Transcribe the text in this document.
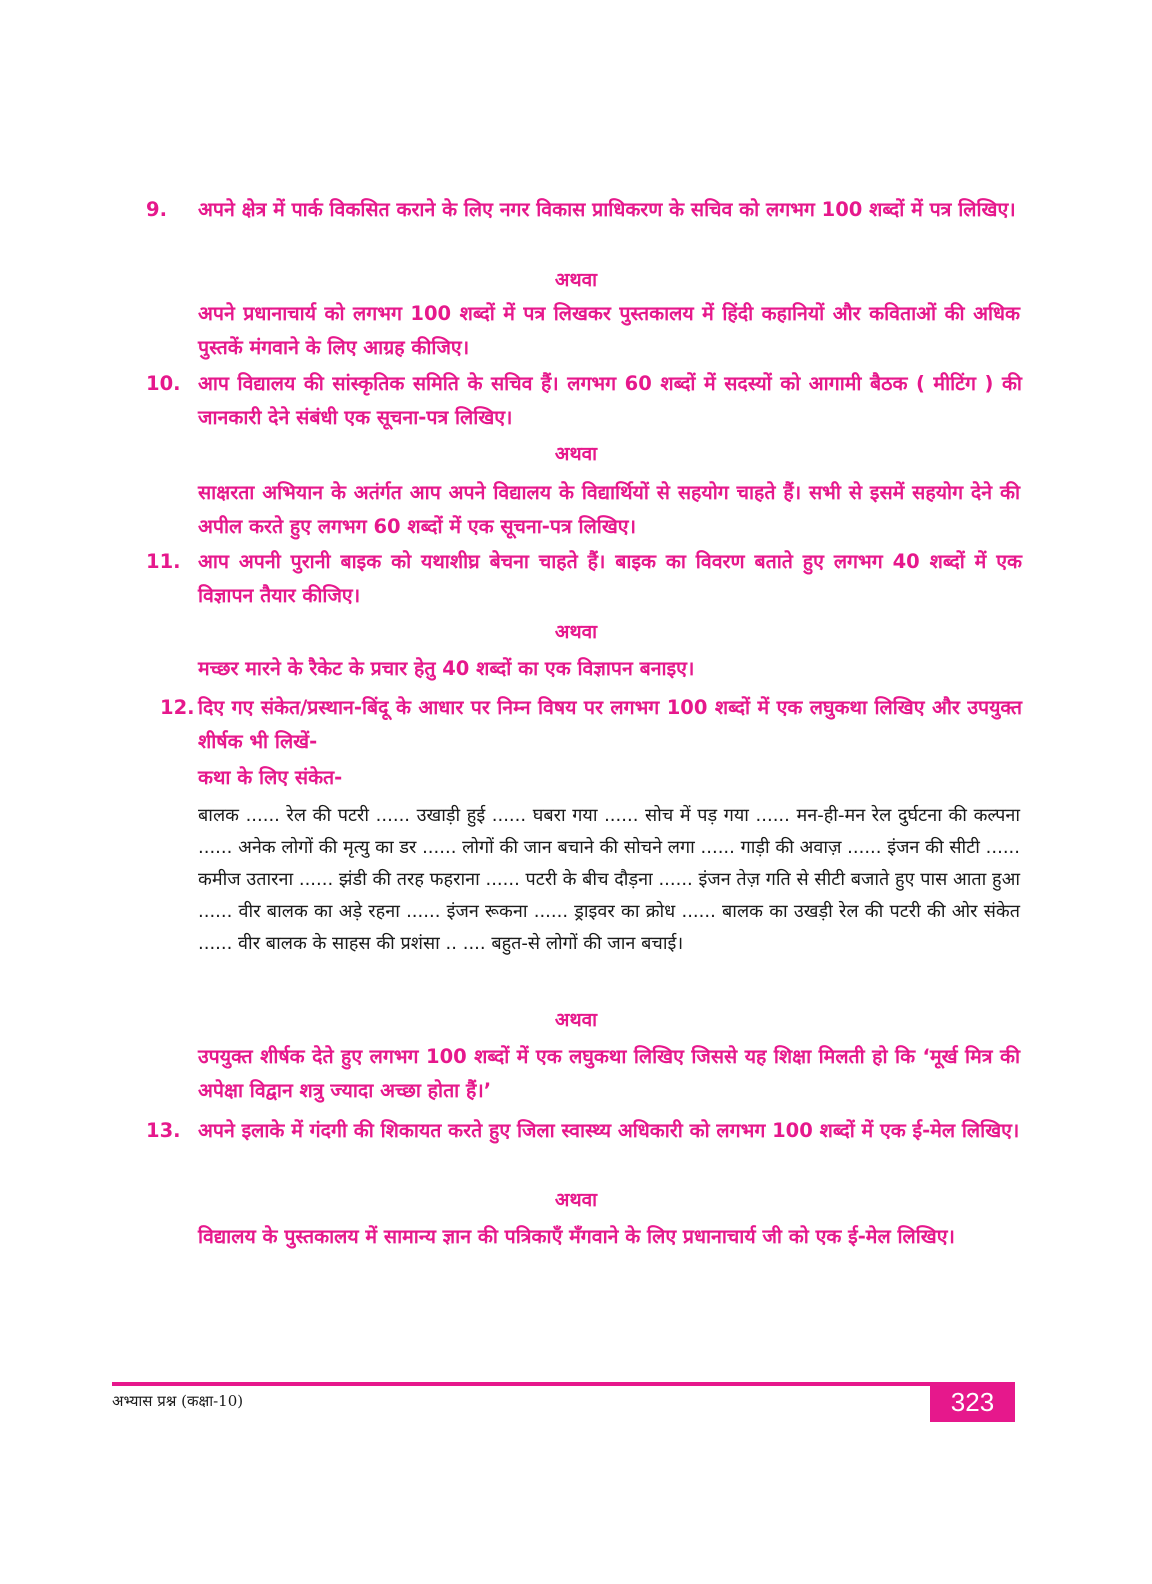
9. अपने क्षेत्र में पार्क विकसित कराने के लिए नगर विकास प्राधिकरण के सचिव को लगभग 100 शब्दों में पत्र लिखिए।
अथवा
अपने प्रधानाचार्य को लगभग 100 शब्दों में पत्र लिखकर पुस्तकालय में हिंदी कहानियों और कविताओं की अधिक पुस्तकें मंगवाने के लिए आग्रह कीजिए।
10. आप विद्यालय की सांस्कृतिक समिति के सचिव हैं। लगभग 60 शब्दों में सदस्यों को आगामी बैठक ( मीटिंग ) की जानकारी देने संबंधी एक सूचना-पत्र लिखिए।
अथवा
साक्षरता अभियान के अतंर्गत आप अपने विद्यालय के विद्यार्थियों से सहयोग चाहते हैं। सभी से इसमें सहयोग देने की अपील करते हुए लगभग 60 शब्दों में एक सूचना-पत्र लिखिए।
11. आप अपनी पुरानी बाइक को यथाशीघ्र बेचना चाहते हैं। बाइक का विवरण बताते हुए लगभग 40 शब्दों में एक विज्ञापन तैयार कीजिए।
अथवा
मच्छर मारने के रैकेट के प्रचार हेतु 40 शब्दों का एक विज्ञापन बनाइए।
12. दिए गए संकेत/प्रस्थान-बिंदू के आधार पर निम्न विषय पर लगभग 100 शब्दों में एक लघुकथा लिखिए और उपयुक्त शीर्षक भी लिखें-
कथा के लिए संकेत-
बालक ...... रेल की पटरी ...... उखाड़ी हुई ...... घबरा गया ...... सोच में पड़ गया ...... मन-ही-मन रेल दुर्घटना की कल्पना ...... अनेक लोगों की मृत्यु का डर ...... लोगों की जान बचाने की सोचने लगा ...... गाड़ी की अवाज़ ...... इंजन की सीटी ...... कमीज उतारना ...... झंडी की तरह फहराना ...... पटरी के बीच दौड़ना ...... इंजन तेज़ गति से सीटी बजाते हुए पास आता हुआ ...... वीर बालक का अड़े रहना ...... इंजन रूकना ...... ड्राइवर का क्रोध ...... बालक का उखड़ी रेल की पटरी की ओर संकेत ...... वीर बालक के साहस की प्रशंसा .. .... बहुत-से लोगों की जान बचाई।
अथवा
उपयुक्त शीर्षक देते हुए लगभग 100 शब्दों में एक लघुकथा लिखिए जिससे यह शिक्षा मिलती हो कि ‘मूर्ख मित्र की अपेक्षा विद्वान शत्रु ज्यादा अच्छा होता हैं।’
13. अपने इलाके में गंदगी की शिकायत करते हुए जिला स्वास्थ्य अधिकारी को लगभग 100 शब्दों में एक ई-मेल लिखिए।
अथवा
विद्यालय के पुस्तकालय में सामान्य ज्ञान की पत्रिकाएँ मँगवाने के लिए प्रधानाचार्य जी को एक ई-मेल लिखिए।
अभ्यास प्रश्न (कक्षा-10)	323
